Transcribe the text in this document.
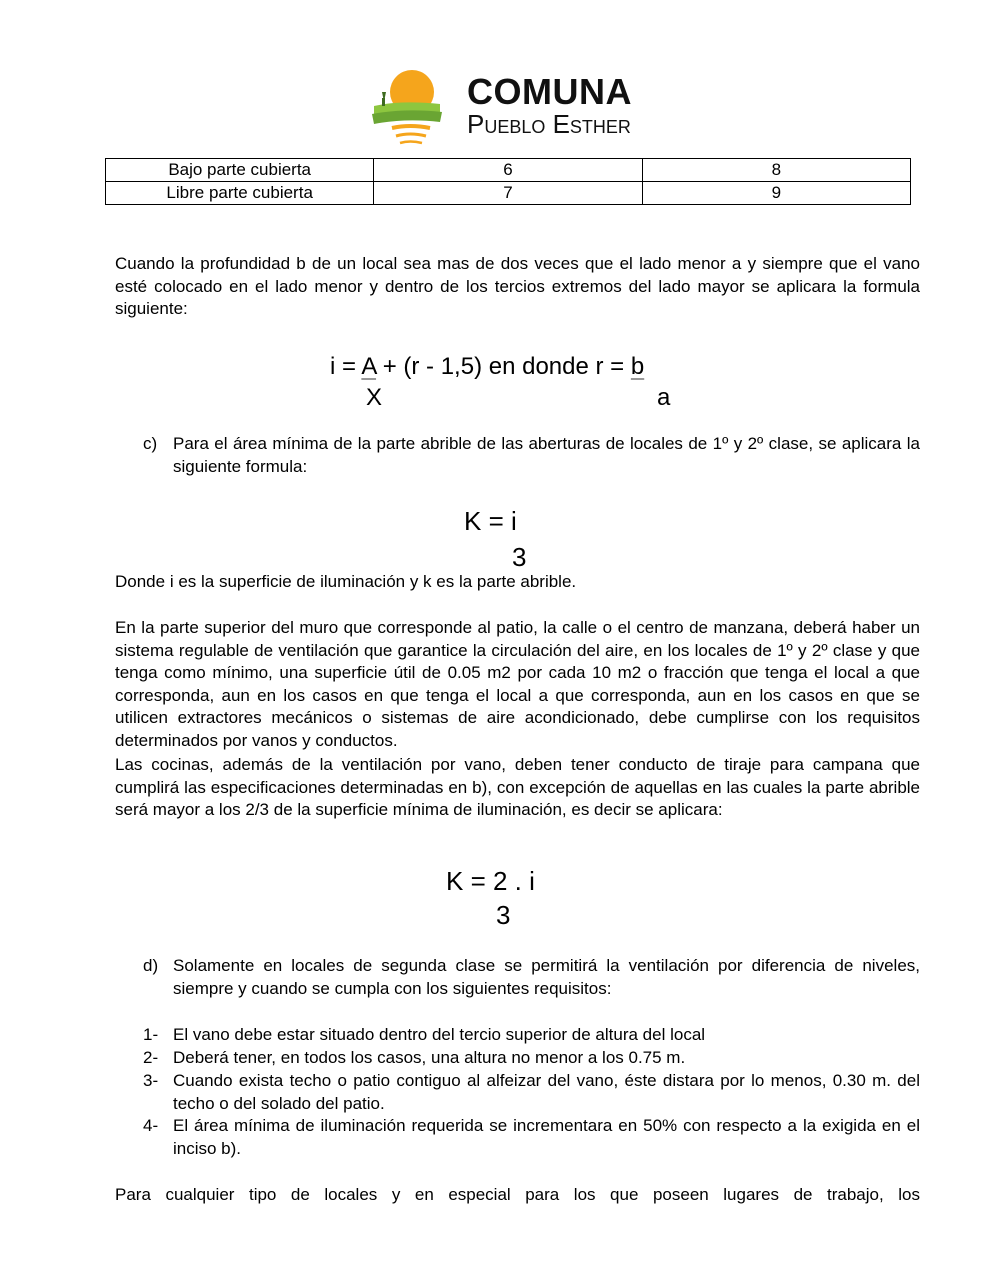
COMUNA
Pueblo Esther
Bajo parte cubierta	6	8
Libre parte cubierta	7	9

Cuando la profundidad b de un local sea mas de dos veces que el lado menor a y siempre que el vano esté colocado en el lado menor y dentro de los tercios extremos del lado mayor se aplicara la formula siguiente:

i = A + (r - 1,5) en donde r = b
X	a
c) Para el área mínima de la parte abrible de las aberturas de locales de 1º y 2º clase, se aplicara la siguiente formula:
K = i
3

Donde i es la superficie de iluminación y k es la parte abrible.

En la parte superior del muro que corresponde al patio, la calle o el centro de manzana, deberá haber un sistema regulable de ventilación que garantice la circulación del aire, en los locales de 1º y 2º clase y que tenga como mínimo, una superficie útil de 0.05 m2 por cada 10 m2 o fracción que tenga el local a que corresponda, aun en los casos en que tenga el local a que corresponda, aun en los casos en que se utilicen extractores mecánicos o sistemas de aire acondicionado, debe cumplirse con los requisitos determinados por vanos y conductos.

Las cocinas, además de la ventilación por vano, deben tener conducto de tiraje para campana que cumplirá las especificaciones determinadas en b), con excepción de aquellas en las cuales la parte abrible será mayor a los 2/3 de la superficie mínima de iluminación, es decir se aplicara:

K = 2 . i
3
d) Solamente en locales de segunda clase se permitirá la ventilación por diferencia de niveles, siempre y cuando se cumpla con los siguientes requisitos:
1- El vano debe estar situado dentro del tercio superior de altura del local
2- Deberá tener, en todos los casos, una altura no menor a los 0.75 m.
3- Cuando exista techo o patio contiguo al alfeizar del vano, éste distara por lo menos, 0.30 m. del techo o del solado del patio.
4- El área mínima de iluminación requerida se incrementara en 50% con respecto a la exigida en el inciso b).

Para cualquier tipo de locales y en especial para los que poseen lugares de trabajo, los
